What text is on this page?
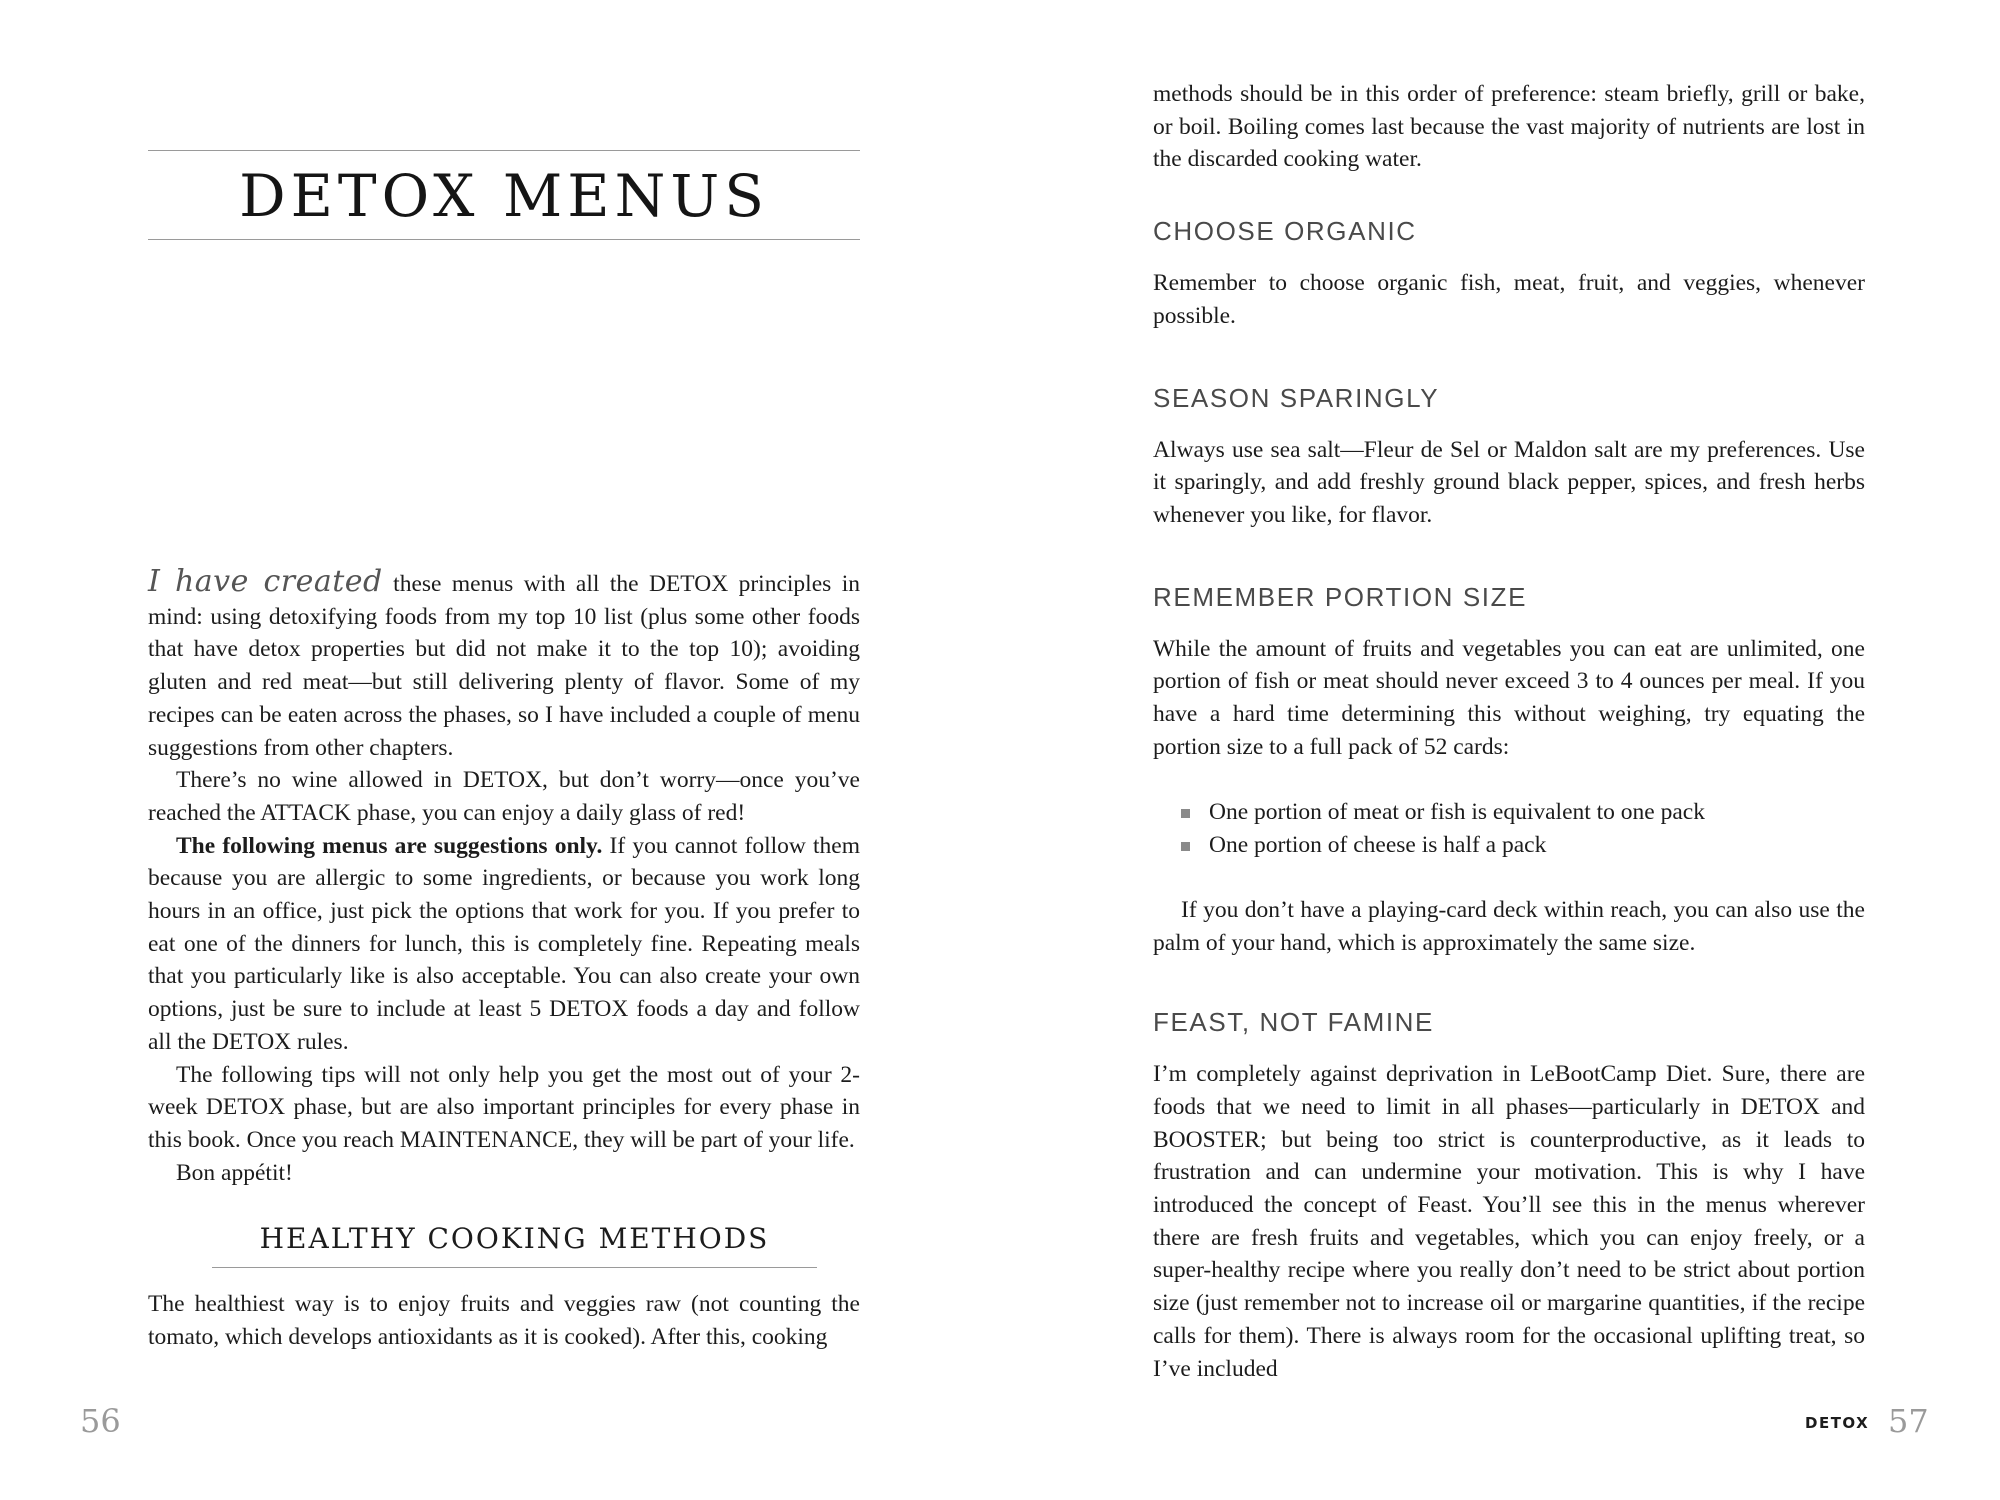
DETOX MENUS

I have created these menus with all the DETOX principles in mind: using detoxifying foods from my top 10 list (plus some other foods that have detox properties but did not make it to the top 10); avoiding gluten and red meat—but still delivering plenty of flavor. Some of my recipes can be eaten across the phases, so I have included a couple of menu suggestions from other chapters.

There’s no wine allowed in DETOX, but don’t worry—once you’ve reached the ATTACK phase, you can enjoy a daily glass of red!

The following menus are suggestions only. If you cannot follow them because you are allergic to some ingredients, or because you work long hours in an office, just pick the options that work for you. If you prefer to eat one of the dinners for lunch, this is completely fine. Repeating meals that you particularly like is also acceptable. You can also create your own options, just be sure to include at least 5 DETOX foods a day and follow all the DETOX rules.

The following tips will not only help you get the most out of your 2-week DETOX phase, but are also important principles for every phase in this book. Once you reach MAINTENANCE, they will be part of your life.

Bon appétit!

HEALTHY COOKING METHODS

The healthiest way is to enjoy fruits and veggies raw (not counting the tomato, which develops antioxidants as it is cooked). After this, cooking

56

methods should be in this order of preference: steam briefly, grill or bake, or boil. Boiling comes last because the vast majority of nutrients are lost in the discarded cooking water.

CHOOSE ORGANIC

Remember to choose organic fish, meat, fruit, and veggies, whenever possible.

SEASON SPARINGLY

Always use sea salt—Fleur de Sel or Maldon salt are my preferences. Use it sparingly, and add freshly ground black pepper, spices, and fresh herbs whenever you like, for flavor.

REMEMBER PORTION SIZE

While the amount of fruits and vegetables you can eat are unlimited, one portion of fish or meat should never exceed 3 to 4 ounces per meal. If you have a hard time determining this without weighing, try equating the portion size to a full pack of 52 cards:

One portion of meat or fish is equivalent to one pack
One portion of cheese is half a pack

If you don’t have a playing-card deck within reach, you can also use the palm of your hand, which is approximately the same size.

FEAST, NOT FAMINE

I’m completely against deprivation in LeBootCamp Diet. Sure, there are foods that we need to limit in all phases—particularly in DETOX and BOOSTER; but being too strict is counterproductive, as it leads to frustration and can undermine your motivation. This is why I have introduced the concept of Feast. You’ll see this in the menus wherever there are fresh fruits and vegetables, which you can enjoy freely, or a super-healthy recipe where you really don’t need to be strict about portion size (just remember not to increase oil or margarine quantities, if the recipe calls for them). There is always room for the occasional uplifting treat, so I’ve included

DETOX 57
